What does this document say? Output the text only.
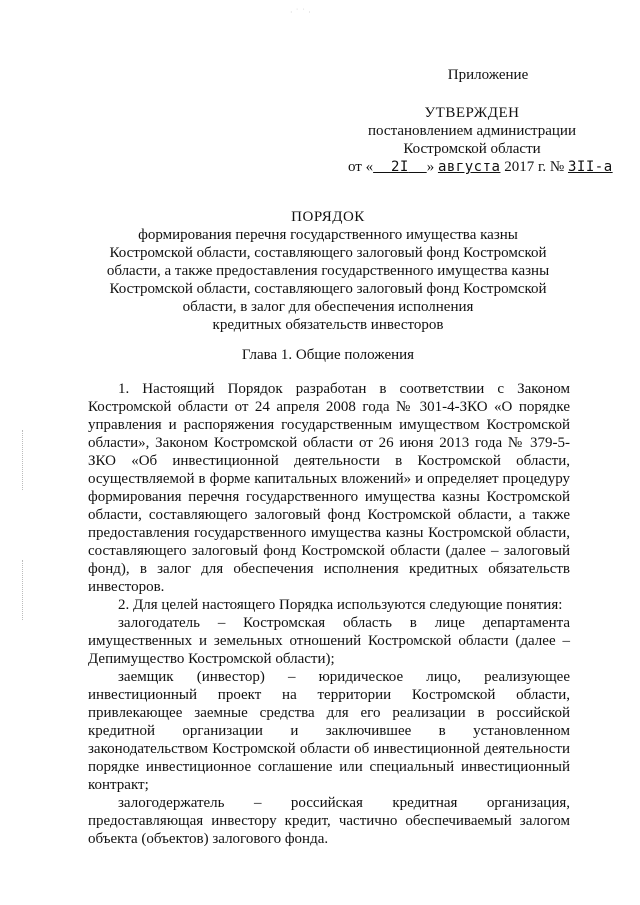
· ˙ ˙ ·
Приложение
УТВЕРЖДЕН
постановлением администрации
Костромской области
от « 2I » августа 2017 г. № 3II-а
ПОРЯДОК
формирования перечня государственного имущества казны
Костромской области, составляющего залоговый фонд Костромской
области, а также предоставления государственного имущества казны
Костромской области, составляющего залоговый фонд Костромской
области, в залог для обеспечения исполнения
кредитных обязательств инвесторов
Глава 1. Общие положения

1. Настоящий Порядок разработан в соответствии с Законом Костромской области от 24 апреля 2008 года № 301-4-ЗКО «О порядке управления и распоряжения государственным имуществом Костромской области», Законом Костромской области от 26 июня 2013 года № 379-5-ЗКО «Об инвестиционной деятельности в Костромской области, осуществляемой в форме капитальных вложений» и определяет процедуру формирования перечня государственного имущества казны Костромской области, составляющего залоговый фонд Костромской области, а также предоставления государственного имущества казны Костромской области, составляющего залоговый фонд Костромской области (далее – залоговый фонд), в залог для обеспечения исполнения кредитных обязательств инвесторов.

2. Для целей настоящего Порядка используются следующие понятия:

залогодатель – Костромская область в лице департамента имущественных и земельных отношений Костромской области (далее – Депимущество Костромской области);

заемщик (инвестор) – юридическое лицо, реализующее инвестиционный проект на территории Костромской области, привлекающее заемные средства для его реализации в российской кредитной организации и заключившее в установленном законодательством Костромской области об инвестиционной деятельности порядке инвестиционное соглашение или специальный инвестиционный контракт;

залогодержатель – российская кредитная организация, предоставляющая инвестору кредит, частично обеспечиваемый залогом объекта (объектов) залогового фонда.
